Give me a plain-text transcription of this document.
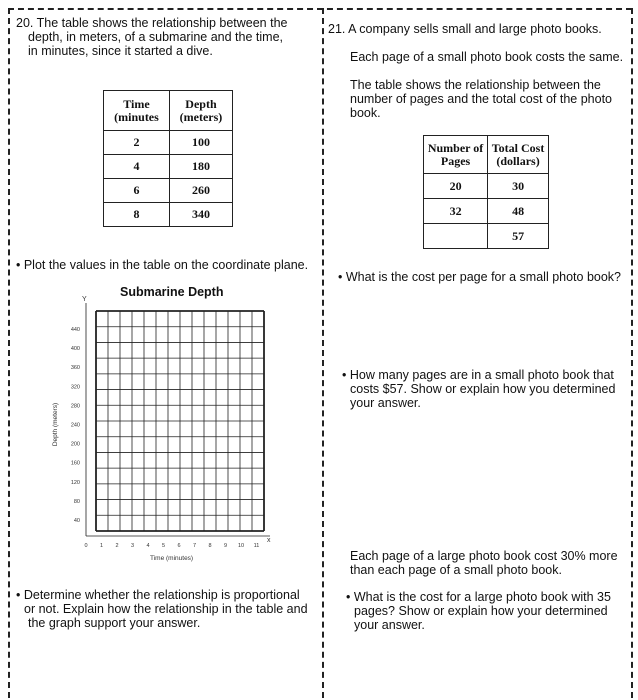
20. The table shows the relationship between the
depth, in meters, of a submarine and the time,
in minutes, since it started a dive.
Time
(minutes	Depth
(meters)
2	100
4	180
6	260
8	340
• Plot the values in the table on the coordinate plane.
Submarine Depth
Y
x
Depth (meters)
Time (minutes)
440
400
360
320
280
240
200
160
120
80
40
0 1 2 3 4 5 6 7 8 9 10 11
• Determine whether the relationship is proportional
or not. Explain how the relationship in the table and
the graph support your answer.
21. A company sells small and large photo books.
Each page of a small photo book costs the same.
The table shows the relationship between the
number of pages and the total cost of the photo
book.
Number of
Pages	Total Cost
(dollars)
20	30
32	48
	57
• What is the cost per page for a small photo book?
• How many pages are in a small photo book that
costs $57. Show or explain how you determined
your answer.
Each page of a large photo book cost 30% more
than each page of a small photo book.
• What is the cost for a large photo book with 35
pages? Show or explain how your determined
your answer.
